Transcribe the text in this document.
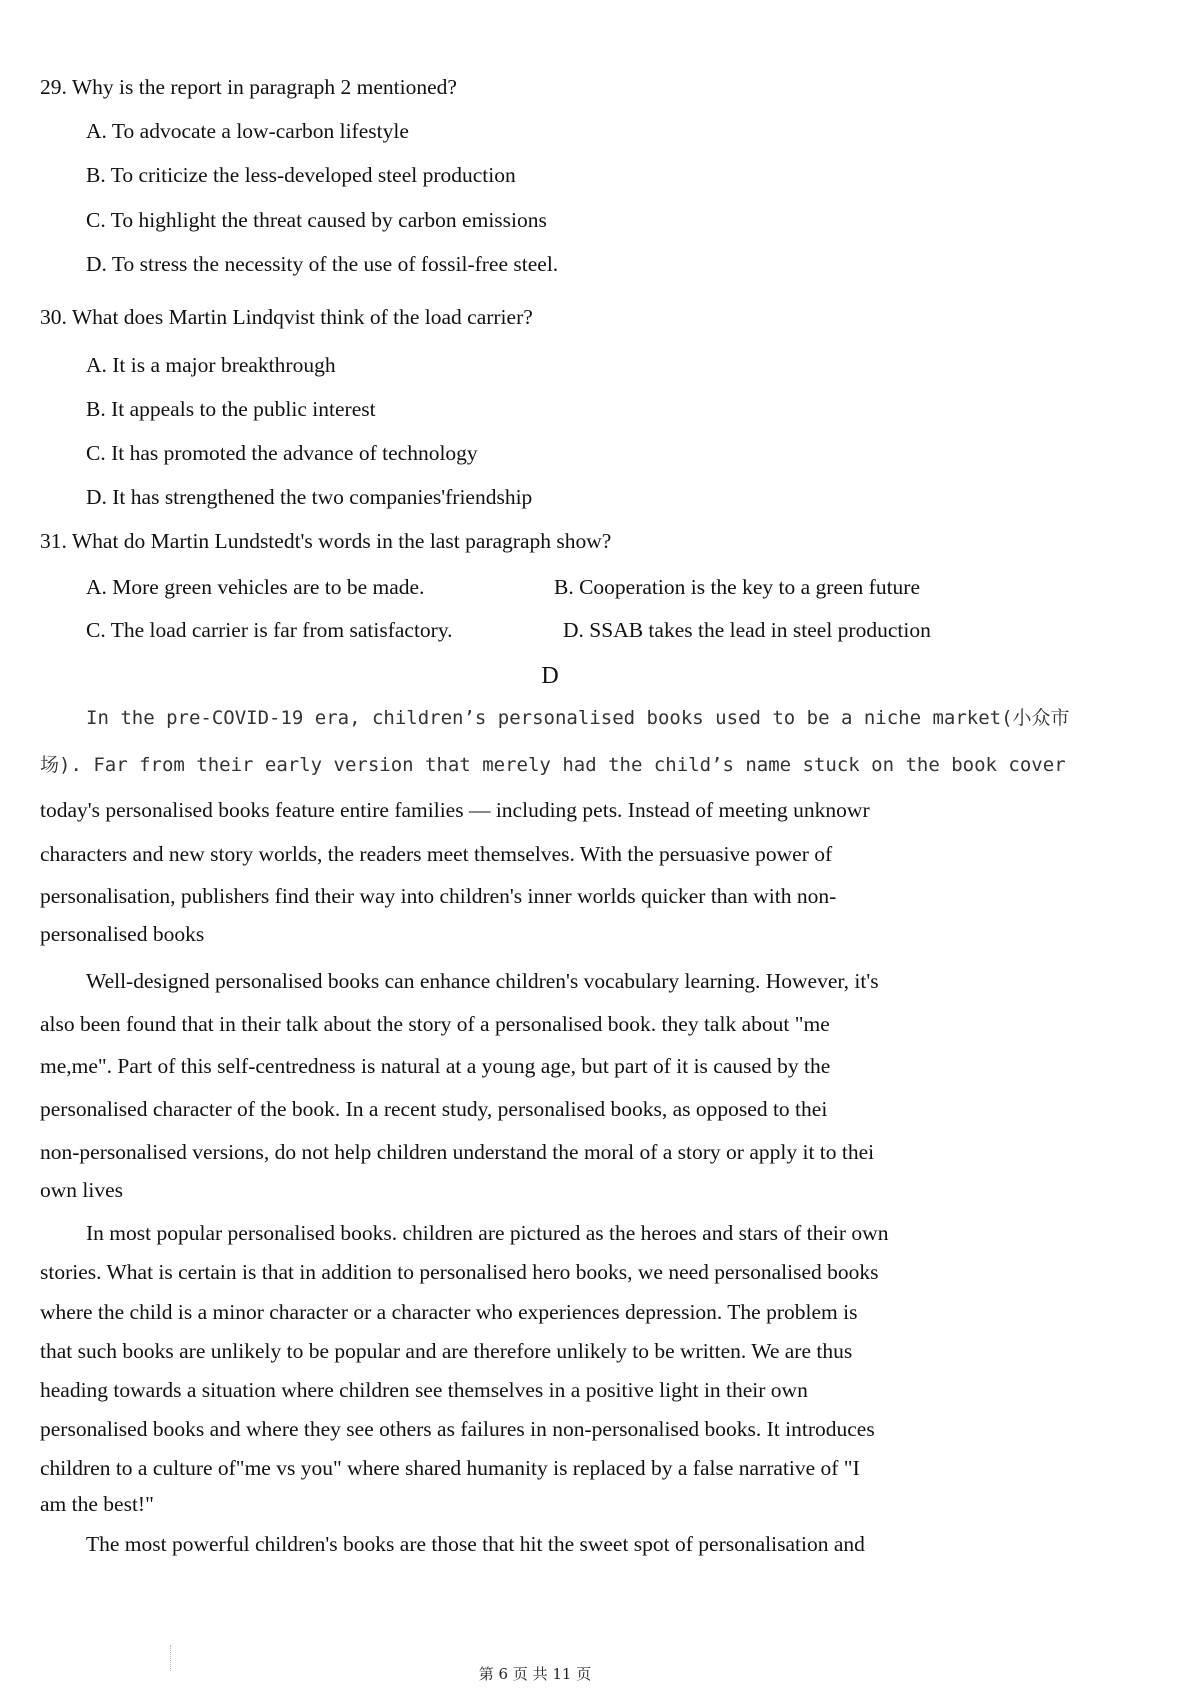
29. Why is the report in paragraph 2 mentioned?
A. To advocate a low-carbon lifestyle
B. To criticize the less-developed steel production
C. To highlight the threat caused by carbon emissions
D. To stress the necessity of the use of fossil-free steel.
30. What does Martin Lindqvist think of the load carrier?
A. It is a major breakthrough
B. It appeals to the public interest
C. It has promoted the advance of technology
D. It has strengthened the two companies'friendship
31. What do Martin Lundstedt's words in the last paragraph show?
A. More green vehicles are to be made.	B. Cooperation is the key to a green future
C. The load carrier is far from satisfactory.	D. SSAB takes the lead in steel production
D
In the pre-COVID-19 era, children’s personalised books used to be a niche market(小众市
场). Far from their early version that merely had the child’s name stuck on the book cover
today's personalised books feature entire families — including pets. Instead of meeting unknowr
characters and new story worlds, the readers meet themselves. With the persuasive power of
personalisation, publishers find their way into children's inner worlds quicker than with non-
personalised books
Well-designed personalised books can enhance children's vocabulary learning. However, it's
also been found that in their talk about the story of a personalised book. they talk about "me
me,me". Part of this self-centredness is natural at a young age, but part of it is caused by the
personalised character of the book. In a recent study, personalised books, as opposed to thei
non-personalised versions, do not help children understand the moral of a story or apply it to thei
own lives
In most popular personalised books. children are pictured as the heroes and stars of their own
stories. What is certain is that in addition to personalised hero books, we need personalised books
where the child is a minor character or a character who experiences depression. The problem is
that such books are unlikely to be popular and are therefore unlikely to be written. We are thus
heading towards a situation where children see themselves in a positive light in their own
personalised books and where they see others as failures in non-personalised books. It introduces
children to a culture of"me vs you" where shared humanity is replaced by a false narrative of "I
am the best!"
The most powerful children's books are those that hit the sweet spot of personalisation and
第 6 页 共 11 页
